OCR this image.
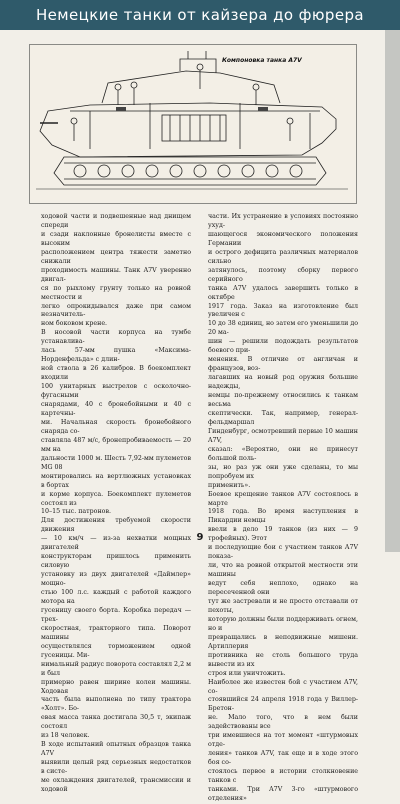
Немецкие танки от кайзера до фюрера
Компоновка танка A7V

ходовой части и подвешенные над днищем спереди

и сзади наклонные бронелисты вместе с высоким

расположением центра тяжести заметно снижали

проходимость машины. Танк A7V уверенно двигал-

ся по рыхлому грунту только на ровной местности и

легко опрокидывался даже при самом незначитель-

ном боковом крене.

В носовой части корпуса на тумбе устанавлива-

лась 57-мм пушка «Максима-Норденфельда» с длин-

ной ствола в 26 калибров. В боекомплект входили

100 унитарных выстрелов с осколочно-фугасными

снарядами, 40 с бронебойными и 40 с картечны-

ми. Начальная скорость бронебойного снаряда со-

ставляла 487 м/с, бронепробиваемость — 20 мм на

дальности 1000 м. Шесть 7,92-мм пулеметов MG 08

монтировались на вертлюжных установках в бортах

и корме корпуса. Боекомплект пулеметов состоял из

10–15 тыс. патронов.

Для достижения требуемой скорости движения

— 10 км/ч — из-за нехватки мощных двигателей

конструкторам пришлось применить силовую

установку из двух двигателей «Даймлер» мощно-

стью 100 л.с. каждый с работой каждого мотора на

гусеницу своего борта. Коробка передач — трех-

скоростная, тракторного типа. Поворот машины

осуществлялся торможением одной гусеницы. Ми-

нимальный радиус поворота составлял 2,2 м и был

примерно равен ширине колеи машины. Ходовая

часть была выполнена по типу трактора «Холт». Бо-

евая масса танка достигала 30,5 т, экипаж состоял

из 18 человек.

В ходе испытаний опытных образцов танка A7V

выявили целый ряд серьезных недостатков в систе-

ме охлаждения двигателей, трансмиссии и ходовой

части. Их устранение в условиях постоянно ухуд-

шающегося экономического положения Германии

и острого дефицита различных материалов сильно

затянулось, поэтому сборку первого серийного

танка A7V удалось завершить только в октябре

1917 года. Заказ на изготовление был увеличен с

10 до 38 единиц, но затем его уменьшили до 20 ма-

шин — решили подождать результатов боевого при-

менения. В отличие от англичан и французов, воз-

лагавших на новый род оружия большие надежды,

немцы по-прежнему относились к танкам весьма

скептически. Так, например, генерал-фельдмаршал

Гинденбург, осмотревший первые 10 машин A7V,

сказал: «Вероятно, они не принесут большой поль-

зы, но раз уж они уже сделаны, то мы попробуем их

применить».

Боевое крещение танков A7V состоялось в марте

1918 года. Во время наступления в Пикардии немцы

ввели в дело 19 танков (из них — 9 трофейных). Этот

и последующие бои с участием танков A7V показа-

ли, что на ровной открытой местности эти машины

ведут себя неплохо, однако на пересеченной они

тут же застревали и не просто отставали от пехоты,

которую должны были поддерживать огнем, но и

превращались в неподвижные мишени. Артиллерия

противника не столь большого труда вывести из их

строя или уничтожить.

Наиболее же известен бой с участием A7V, со-

стоявшийся 24 апреля 1918 года у Виллер-Бретон-

не. Мало того, что в нем были задействованы все

три имевшиеся на тот момент «штурмовых отде-

ления» танков A7V, так еще и в ходе этого боя со-

стоялось первое в истории столкновение танков с

танками. Три A7V 3-го «штурмового отделения»

9
